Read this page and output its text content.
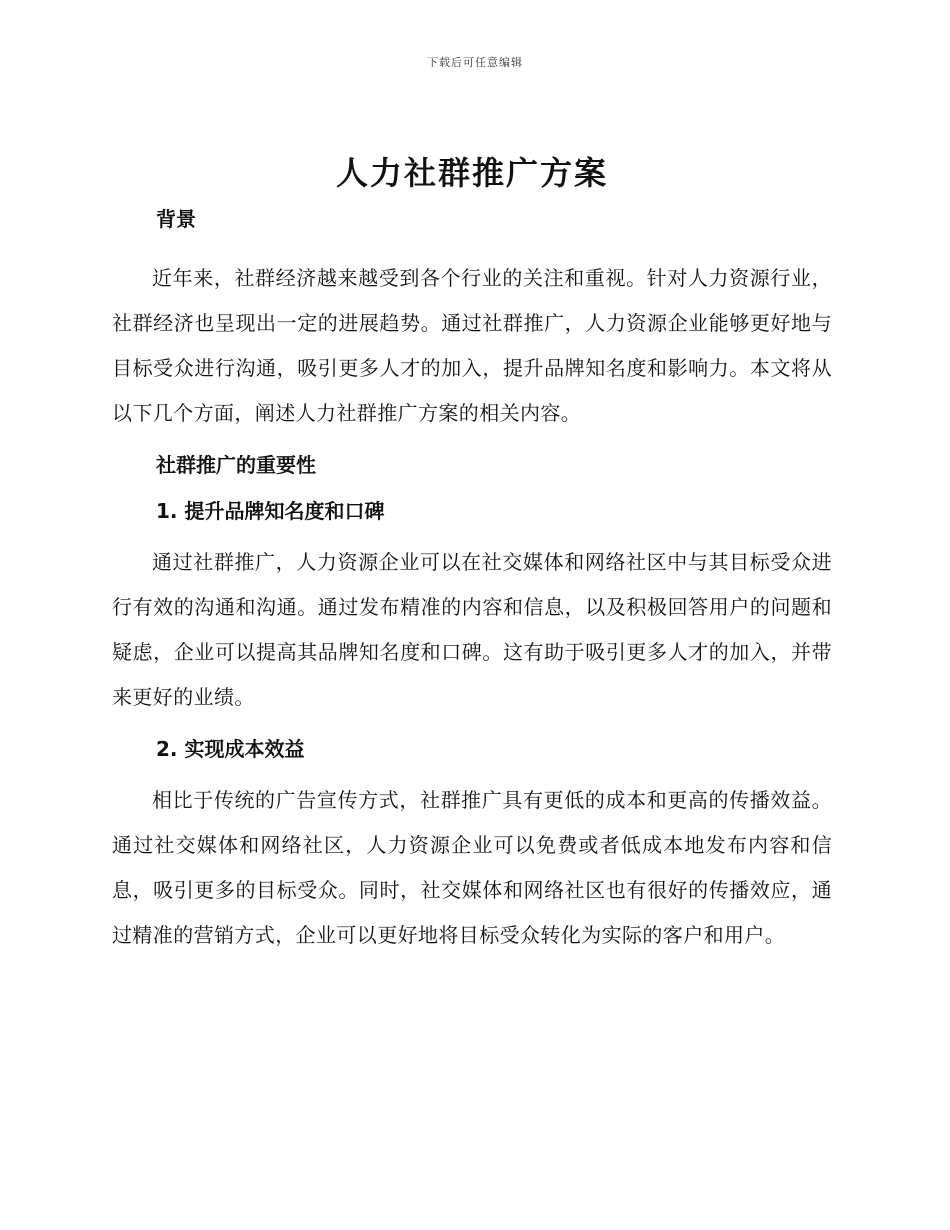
下载后可任意编辑
人力社群推广方案
背景

近年来，社群经济越来越受到各个行业的关注和重视。针对人力资源行业，社群经济也呈现出一定的进展趋势。通过社群推广，人力资源企业能够更好地与目标受众进行沟通，吸引更多人才的加入，提升品牌知名度和影响力。本文将从以下几个方面，阐述人力社群推广方案的相关内容。

社群推广的重要性
1. 提升品牌知名度和口碑

通过社群推广，人力资源企业可以在社交媒体和网络社区中与其目标受众进行有效的沟通和沟通。通过发布精准的内容和信息，以及积极回答用户的问题和疑虑，企业可以提高其品牌知名度和口碑。这有助于吸引更多人才的加入，并带来更好的业绩。

2. 实现成本效益

相比于传统的广告宣传方式，社群推广具有更低的成本和更高的传播效益。通过社交媒体和网络社区，人力资源企业可以免费或者低成本地发布内容和信息，吸引更多的目标受众。同时，社交媒体和网络社区也有很好的传播效应，通过精准的营销方式，企业可以更好地将目标受众转化为实际的客户和用户。
